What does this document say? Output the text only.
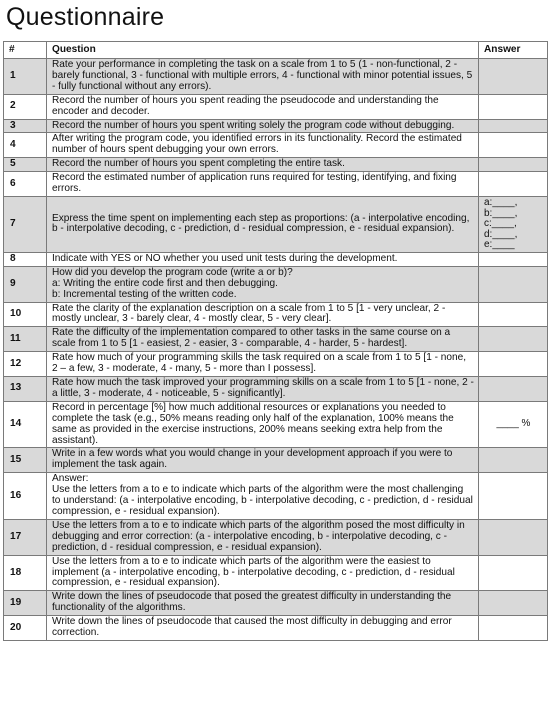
Questionnaire
#	Question	Answer
1	Rate your performance in completing the task on a scale from 1 to 5 (1 - non-functional, 2 - barely functional, 3 - functional with multiple errors, 4 - functional with minor potential issues, 5 - fully functional without any errors).	
2	Record the number of hours you spent reading the pseudocode and understanding the encoder and decoder.	
3	Record the number of hours you spent writing solely the program code without debugging.	
4	After writing the program code, you identified errors in its functionality. Record the estimated number of hours spent debugging your own errors.	
5	Record the number of hours you spent completing the entire task.	
6	Record the estimated number of application runs required for testing, identifying, and fixing errors.	
7	Express the time spent on implementing each step as proportions: (a - interpolative encoding, b - interpolative decoding, c - prediction, d - residual compression, e - residual expansion).	a:____,
b:____,
c:____,
d:____,
e:____

8	Indicate with YES or NO whether you used unit tests during the development.	
9	How did you develop the program code (write a or b)?
a: Writing the entire code first and then debugging.
b: Incremental testing of the written code.	

10	Rate the clarity of the explanation description on a scale from 1 to 5 [1 - very unclear, 2 - mostly unclear, 3 - barely clear, 4 - mostly clear, 5 - very clear].	
11	Rate the difficulty of the implementation compared to other tasks in the same course on a scale from 1 to 5 [1 - easiest, 2 - easier, 3 - comparable, 4 - harder, 5 - hardest].	
12	Rate how much of your programming skills the task required on a scale from 1 to 5 [1 - none, 2 – a few, 3 - moderate, 4 - many, 5 - more than I possess].	
13	Rate how much the task improved your programming skills on a scale from 1 to 5 [1 - none, 2 - a little, 3 - moderate, 4 - noticeable, 5 - significantly].	
14	Record in percentage [%] how much additional resources or explanations you needed to complete the task (e.g., 50% means reading only half of the explanation, 100% means the same as provided in the exercise instructions, 200% means seeking extra help from the assistant).	____ %
15	Write in a few words what you would change in your development approach if you were to implement the task again.	
16	Answer:
Use the letters from a to e to indicate which parts of the algorithm were the most challenging to understand: (a - interpolative encoding, b - interpolative decoding, c - prediction, d - residual compression, e - residual expansion).	

17	Use the letters from a to e to indicate which parts of the algorithm posed the most difficulty in debugging and error correction: (a - interpolative encoding, b - interpolative decoding, c - prediction, d - residual compression, e - residual expansion).	
18	Use the letters from a to e to indicate which parts of the algorithm were the easiest to implement (a - interpolative encoding, b - interpolative decoding, c - prediction, d - residual compression, e - residual expansion).	
19	Write down the lines of pseudocode that posed the greatest difficulty in understanding the functionality of the algorithms.	
20	Write down the lines of pseudocode that caused the most difficulty in debugging and error correction.	
